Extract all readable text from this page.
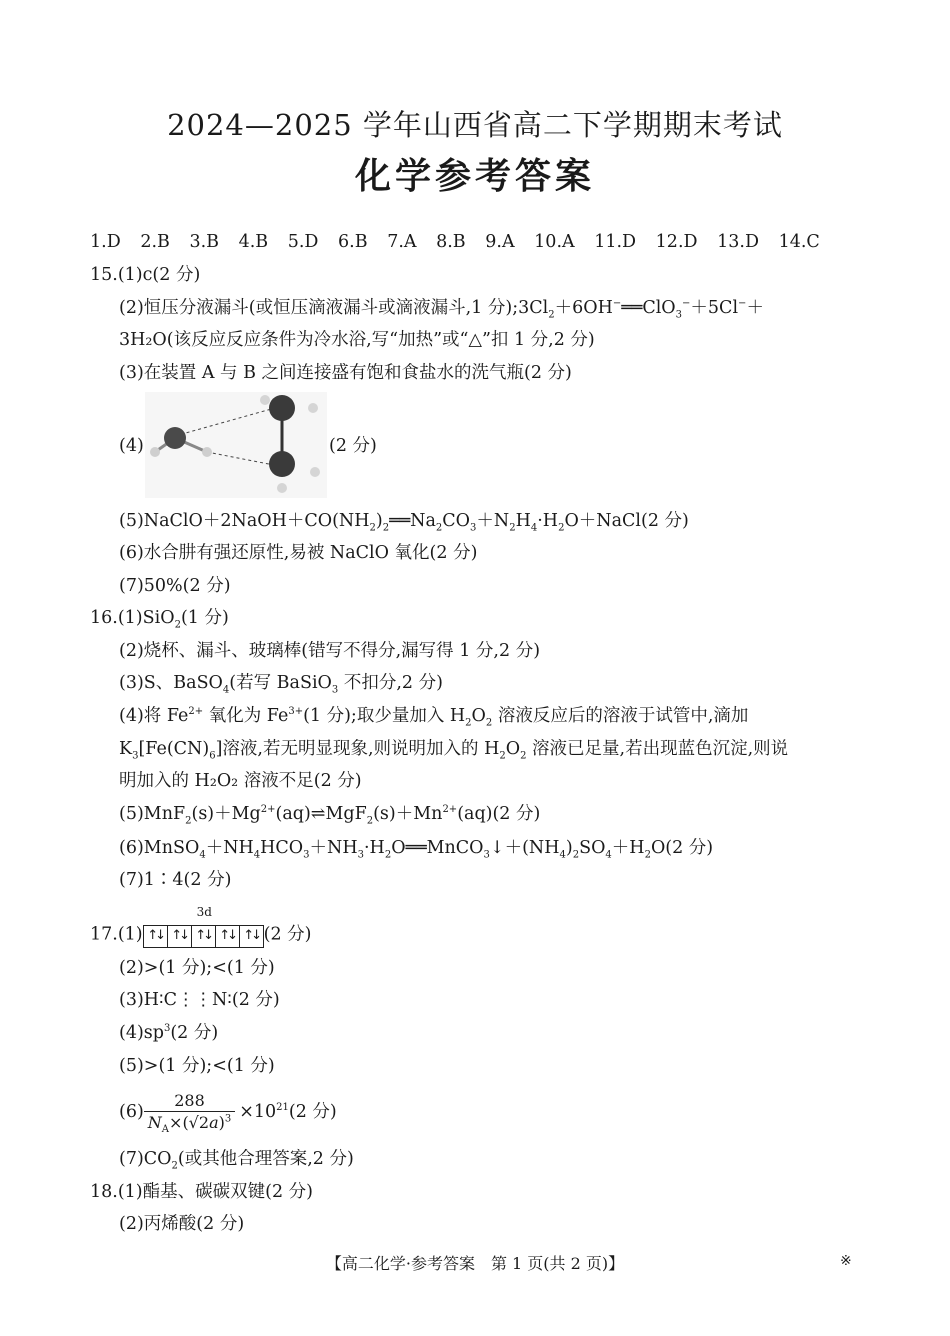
2024—2025 学年山西省高二下学期期末考试
化学参考答案
1.D 2.B 3.B 4.B 5.D 6.B 7.A 8.B 9.A 10.A 11.D 12.D 13.D 14.C
15.(1)c(2 分)
(2)恒压分液漏斗(或恒压滴液漏斗或滴液漏斗,1 分)$;3Cl_2+6OH^-══ClO_3^-+5Cl^-+$
3H₂O(该反应反应条件为冷水浴,写“加热”或“△”扣 1 分,2 分)
(3)在装置 A 与 B 之间连接盛有饱和食盐水的洗气瓶(2 分)
(4)	(2 分)
$(5)NaClO+2NaOH+CO(NH_2)_2══Na_2CO_3+N_2H_4\cdot H_2O+NaCl(2$ 分)
(6)水合肼有强还原性,易被 NaClO 氧化(2 分)
(7)50%(2 分)
16.(1)SiO$_2$(1 分)
(2)烧杯、漏斗、玻璃棒(错写不得分,漏写得 1 分,2 分)
(3)S、BaSO$_4$(若写 BaSiO$_3$ 不扣分,2 分)
(4)将 $Fe^{2+}$ 氧化为 $Fe^{3+}(1$ 分);取少量加入 $H_2O_2$ 溶液反应后的溶液于试管中,滴加
$K_3[Fe(CN)_6]$溶液,若无明显现象,则说明加入的 $H_2O_2$ 溶液已足量,若出现蓝色沉淀,则说
明加入的 H₂O₂ 溶液不足(2 分)
$(5)MnF_2(s)+Mg^{2+}(aq)\rightleftharpoons MgF_2(s)+Mn^{2+}(aq)(2$ 分)
$(6)MnSO_4+NH_4HCO_3+NH_3\cdot H_2O══MnCO_3↓+(NH_4)_2SO_4+H_2O(2$ 分)
(7)1∶4(2 分)
17.(1)
3d
↑↓ ↑↓ ↑↓ ↑↓ ↑↓ (2 分)
(2)>(1 分);<(1 分)
(3)H∶C⋮⋮N∶(2 分)
$(4)sp^3(2$ 分)
(5)>(1 分);<(1 分)
$(6) \frac{288}{N_A\times(√2a)^3} \times 10^{21}(2$ 分)
$(7)CO_2$(或其他合理答案,2 分)
18.(1)酯基、碳碳双键(2 分)
(2)丙烯酸(2 分)
【高二化学·参考答案　第 1 页(共 2 页)】	※
